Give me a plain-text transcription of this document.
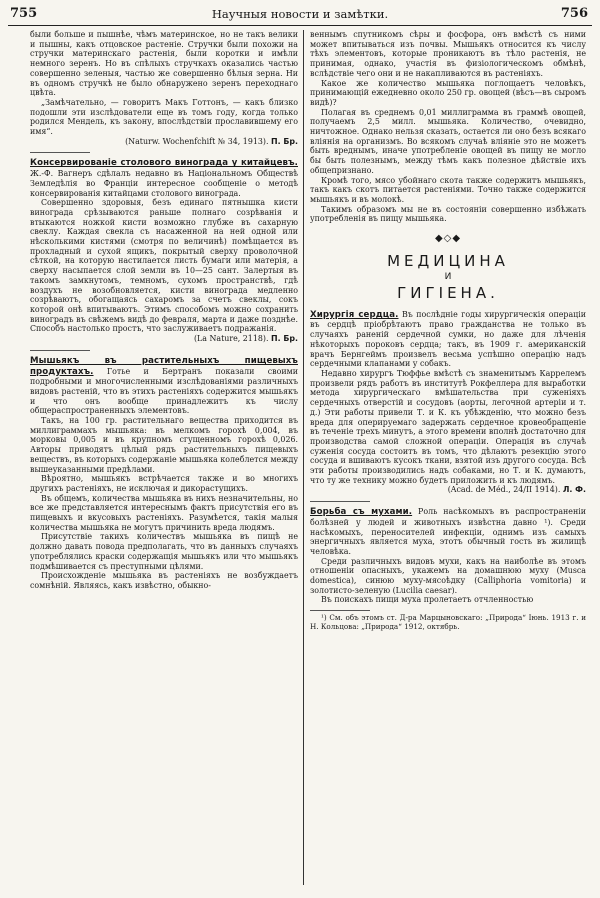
755	Научныя новости и замѣтки.	756

были больше и пышнѣе, чѣмъ материнское, но не такъ велики и пышны, какъ отцовское растеніе. Стручки были похожи на стручки материнскаго растенія, были коротки и имѣли немного зеренъ. Но въ спѣлыхъ стручкахъ оказались частью совершенно зеленыя, частью же совершенно бѣлыя зерна. Ни въ одномъ стручкѣ не было обнаружено зеренъ переходнаго цвѣта.

„Замѣчательно, — говоритъ Макъ Готтонъ, — какъ близко подошли эти изслѣдователи еще въ томъ году, когда только родился Мендель, къ закону, впослѣдствіи прославившему его имя“.

(Naturw. Wochenfchift № 34, 1913). П. Бр.

Консервированіе столового винограда у китайцевъ. Ж.-Ф. Вагнеръ сдѣлалъ недавно въ Національномъ Обществѣ Земледѣлія во Франціи интересное сообщеніе о методѣ консервированія китайцами столового винограда.

Совершенно здоровыя, безъ единаго пятнышка кисти винограда срѣзываются раньше полнаго созрѣванія и втыкаются ножкой кисти возможно глубже въ сахарную свеклу. Каждая свекла съ насаженной на ней одной или нѣсколькими кистями (смотря по величинѣ) помѣщается въ прохладный и сухой ящикъ, покрытый сверху проволочной сѣткой, на которую настилается листь бумаги или матерія, а сверху насыпается слой земли въ 10—25 сант. Залертыя въ такомъ замкнутомъ, темномъ, сухомъ пространствѣ, гдѣ воздухъ не возобновляется, кисти винограда медленно созрѣваютъ, обогащаясь сахаромъ за счетъ свеклы, сокъ которой онѣ впитываютъ. Этимъ способомъ можно сохранить виноградъ въ свѣжемъ видѣ до февраля, марта и даже позднѣе. Способъ настолько простъ, что заслуживаетъ подражанія.

(La Nature, 2118). П. Бр.

Мышьякъ въ растительныхъ пищевыхъ продуктахъ. Готье и Бертранъ показали своими подробными и многочисленными изслѣдованіями различныхъ видовъ растеній, что въ этихъ растеніяхъ содержится мышьякъ и что онъ вообще принадлежитъ къ числу общераспространенныхъ элементовъ.

Такъ, на 100 гр. растительнаго вещества приходится въ миллиграммахъ мышьяка: въ мелкомъ горохѣ 0,004, въ морковы 0,005 и въ крупномъ сгущенномъ горохѣ 0,026. Авторы приводятъ цѣлый рядъ растительныхъ пищевыхъ веществъ, въ которыхъ содержаніе мышьяка колеблется между вышеуказанными предѣлами.

Вѣроятно, мышьякъ встрѣчается также и во многихъ другихъ растеніяхъ, не исключая и дикорастущихъ.

Въ общемъ, количества мышьяка въ нихъ незначительны, но все же представляется интереснымъ фактъ присутствія его въ пищевыхъ и вкусовыхъ растеніяхъ. Разумѣется, такія малыя количества мышьяка не могутъ причинить вреда людямъ.

Присутствіе такихъ количествъ мышьяка въ пищѣ не должно давать повода предполагать, что въ данныхъ случаяхъ употреблялись краски содержащія мышьякъ или что мышьякъ подмѣшивается съ преступными цѣлями.

Происхожденіе мышьяка въ растеніяхъ не возбуждаетъ сомнѣній. Являясь, какъ извѣстно, обыкно-

веннымъ спутникомъ сѣры и фосфора, онъ вмѣстѣ съ ними может впитываться изъ почвы. Мышьякъ относится къ числу тѣхъ элементовъ, которые проникаютъ въ тѣло растенія, не принимая, однако, участія въ физіологическомъ обмѣнѣ, вслѣдствіе чего они и не накапливаются въ растеніяхъ.

Какое же количество мышьяка поглощаетъ человѣкъ, принимающій ежедневно около 250 гр. овощей (вѣсъ—въ сыромъ видѣ)?

Полагая въ среднемъ 0,01 миллиграмма въ граммѣ овощей, получаемъ 2,5 милл. мышьяка. Количество, очевидно, ничтожное. Однако нельзя сказать, остается ли оно безъ всякаго вліянія на организмъ. Во всякомъ случаѣ вліяніе это не можетъ быть вреднымъ, иначе употребленіе овощей въ пищу не могло бы быть полезнымъ, между тѣмъ какъ полезное дѣйствіе ихъ общепризнано.

Кромѣ того, мясо убойнаго скота также содержитъ мышьякъ, такъ какъ скотъ питается растеніями. Точно также содержится мышьякъ и въ молокѣ.

Такимъ образомъ мы не въ состояніи совершенно избѣжать употребленія въ пищу мышьяка.

◆◇◆
МЕДИЦИНА
И
ГИГІЕНА.

Хирургія сердца. Въ послѣдніе годы хирургическія операціи въ сердцѣ пріобрѣтаютъ право гражданства не только въ случаяхъ раненій сердечной сумки, но даже для лѣченія нѣкоторыхъ пороковъ сердца; такъ, въ 1909 г. американскій врачъ Бернгеймъ произвелъ весьма успѣшно операцію надъ сердечными клапанами у собакъ.

Недавно хирургъ Тюффье вмѣстѣ съ знаменитымъ Каррелемъ произвели рядъ работъ въ институтѣ Рокфеллера для выработки метода хирургическаго вмѣшательства при суженіяхъ сердечныхъ отверстій и сосудовъ (аорты, легочной артеріи и т. д.) Эти работы привели Т. и К. къ убѣжденію, что можно безъ вреда для оперируемаго задержать сердечное кровеобращеніе въ теченіе трехъ минутъ, а этого времени вполнѣ достаточно для производства самой сложной операціи. Операція въ случаѣ суженія сосуда состоитъ въ томъ, что дѣлаютъ резекцію этого сосуда и вшиваютъ кусокъ ткани, взятой изъ другого сосуда. Всѣ эти работы производились надъ собаками, но Т. и К. думаютъ, что ту же технику можно будетъ приложить и къ людямъ.

(Acad. de Méd., 24/II 1914). Л. Ф.

Борьба съ мухами. Роль насѣкомыхъ въ распространеніи болѣзней у людей и животныхъ извѣстна давно ¹). Среди насѣкомыхъ, переносителей инфекціи, однимъ изъ самыхъ энергичныхъ является муха, этотъ обычный гость въ жилищѣ человѣка.

Среди различныхъ видовъ мухи, какъ на наиболѣе въ этомъ отношеніи опасныхъ, укажемъ на домашнюю муху (Musca domestica), синюю муху-мясоѣдку (Calliphoria vomitoria) и золотисто-зеленую (Lucilia caesar).

Въ поискахъ пищи муха пролетаетъ отчленностью

¹) См. объ этомъ ст. Д-ра Марцыновскаго: „Природа“ Іюнь. 1913 г. и Н. Кольцова: „Природа“ 1912, октябрь.
